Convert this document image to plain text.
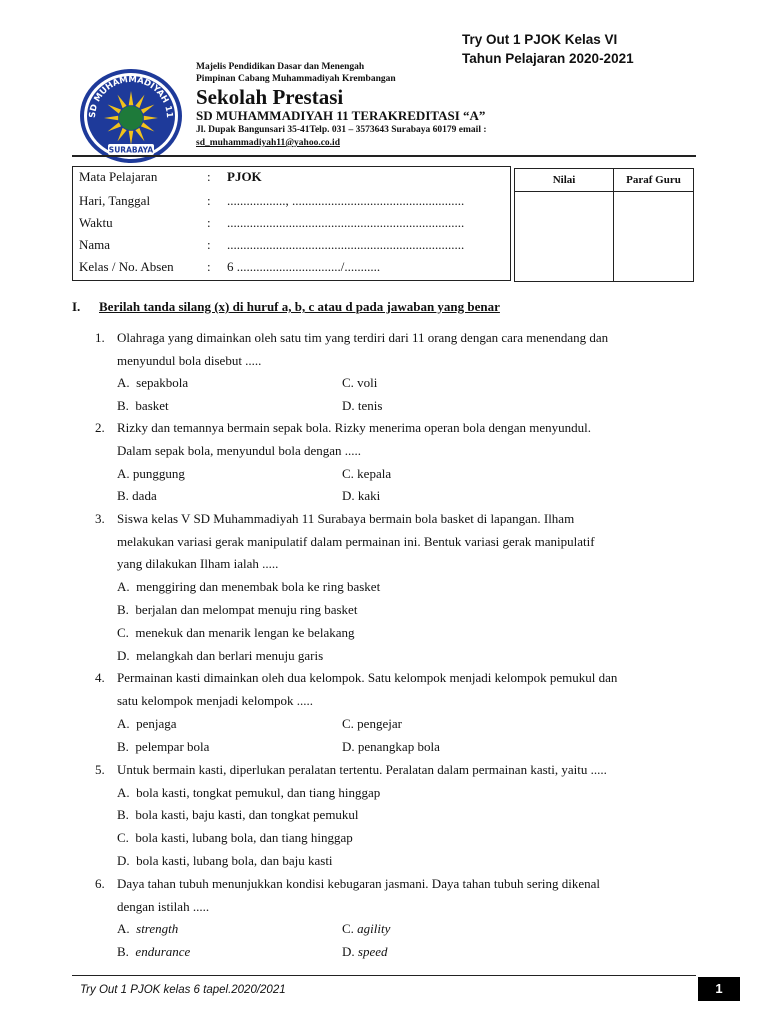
Try Out 1 PJOK Kelas VI
Tahun Pelajaran 2020-2021
SD MUHAMMADIYAH 11
SURABAYA
Majelis Pendidikan Dasar dan Menengah
Pimpinan Cabang Muhammadiyah Krembangan
Sekolah Prestasi
SD MUHAMMADIYAH 11 TERAKREDITASI “A”
Jl. Dupak Bangunsari 35-41Telp. 031 – 3573643 Surabaya 60179 email :
sd_muhammadiyah11@yahoo.co.id
Mata Pelajaran	: PJOK
Hari, Tanggal	: .................., .....................................................
Waktu	: .........................................................................
Nama	: .........................................................................
Kelas / No. Absen	: 6 ................................/...........
Nilai	Paraf Guru

I. Berilah tanda silang (x) di huruf a, b, c atau d pada jawaban yang benar
1. Olahraga yang dimainkan oleh satu tim yang terdiri dari 11 orang dengan cara menendang dan
menyundul bola disebut .....
A. sepakbola	C. voli
B. basket	D. tenis
2. Rizky dan temannya bermain sepak bola. Rizky menerima operan bola dengan menyundul.
Dalam sepak bola, menyundul bola dengan .....
A. punggung	C. kepala
B. dada	D. kaki
3. Siswa kelas V SD Muhammadiyah 11 Surabaya bermain bola basket di lapangan. Ilham
melakukan variasi gerak manipulatif dalam permainan ini. Bentuk variasi gerak manipulatif
yang dilakukan Ilham ialah .....
A. menggiring dan menembak bola ke ring basket
B. berjalan dan melompat menuju ring basket
C. menekuk dan menarik lengan ke belakang
D. melangkah dan berlari menuju garis
4. Permainan kasti dimainkan oleh dua kelompok. Satu kelompok menjadi kelompok pemukul dan
satu kelompok menjadi kelompok .....
A. penjaga	C. pengejar
B. pelempar bola	D. penangkap bola
5. Untuk bermain kasti, diperlukan peralatan tertentu. Peralatan dalam permainan kasti, yaitu .....
A. bola kasti, tongkat pemukul, dan tiang hinggap
B. bola kasti, baju kasti, dan tongkat pemukul
C. bola kasti, lubang bola, dan tiang hinggap
D. bola kasti, lubang bola, dan baju kasti
6. Daya tahan tubuh menunjukkan kondisi kebugaran jasmani. Daya tahan tubuh sering dikenal
dengan istilah .....
A. strength	C. agility
B. endurance	D. speed
Try Out 1 PJOK kelas 6 tapel.2020/2021	1
